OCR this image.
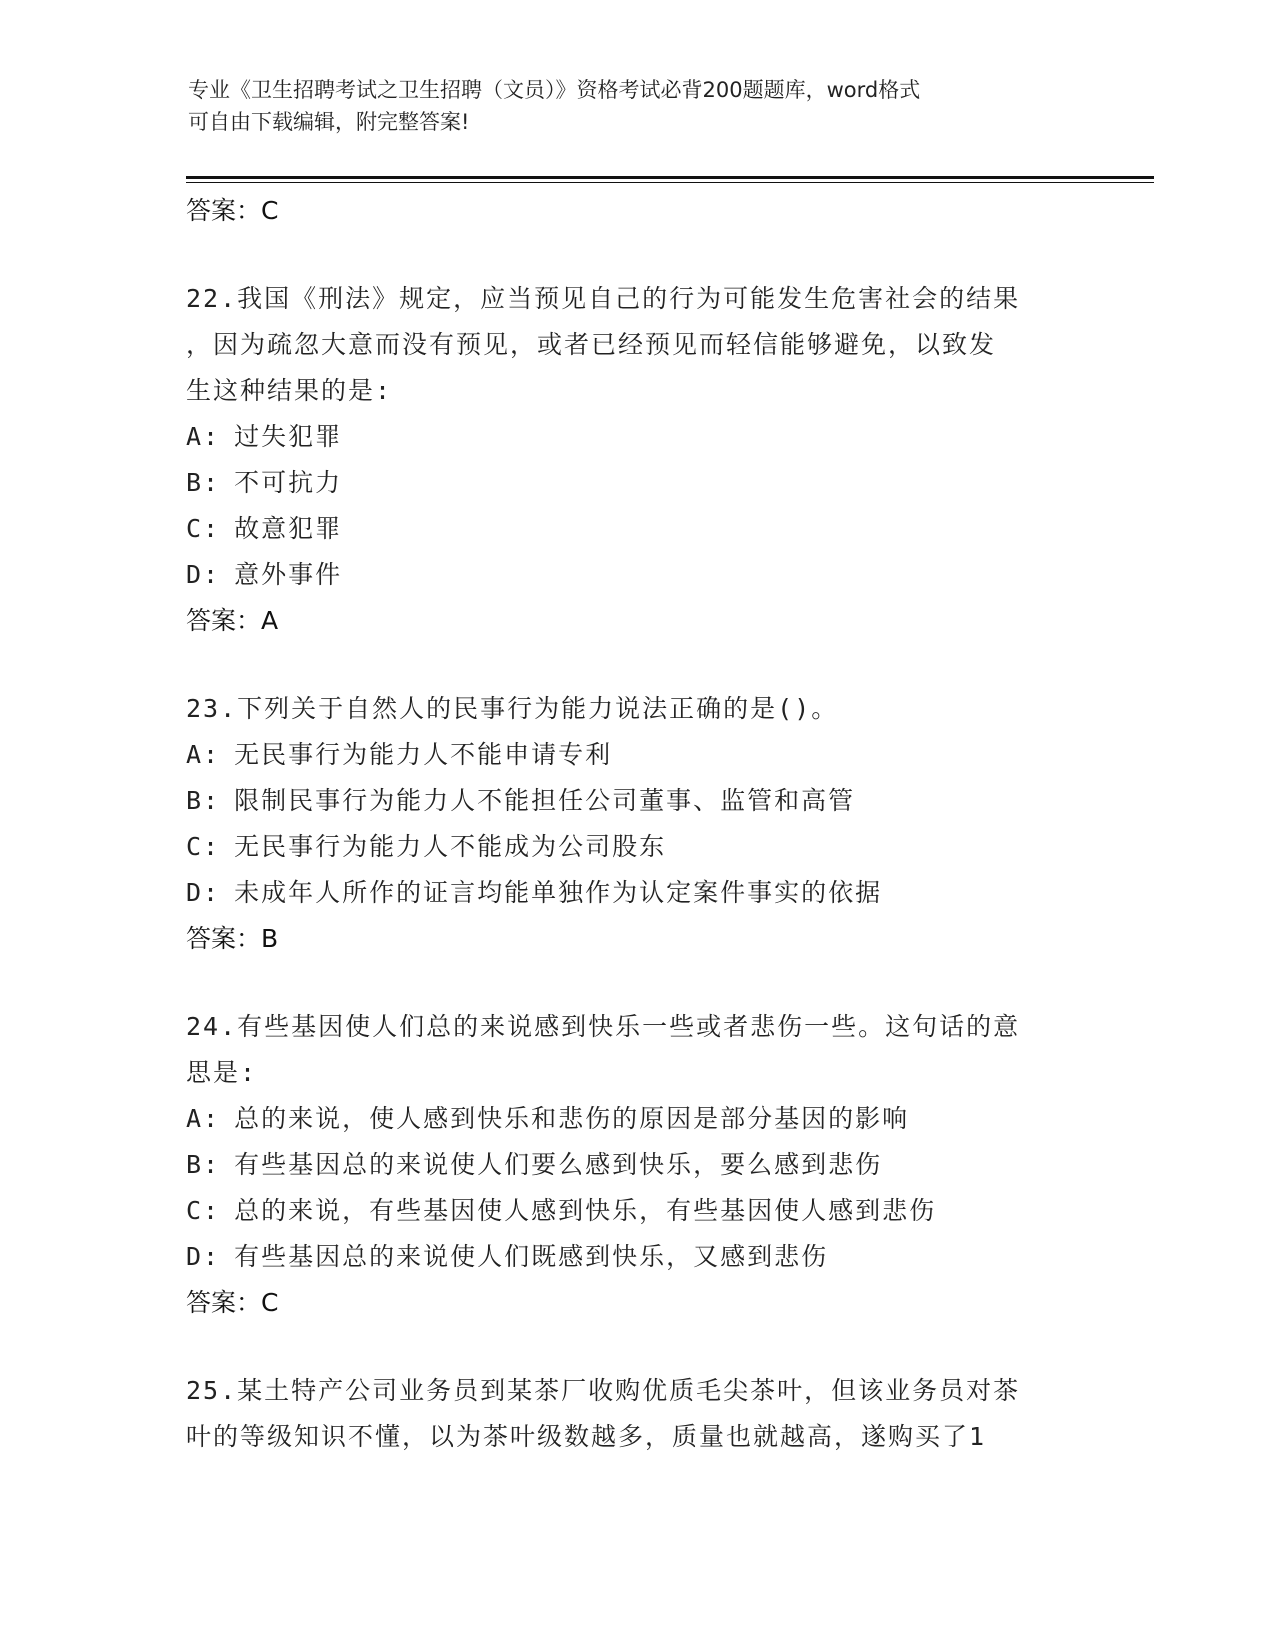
专业《卫生招聘考试之卫生招聘（文员）》资格考试必背200题题库，word格式
可自由下载编辑，附完整答案!
答案：C
22.我国《刑法》规定，应当预见自己的行为可能发生危害社会的结果
，因为疏忽大意而没有预见，或者已经预见而轻信能够避免，以致发
生这种结果的是:
A: 过失犯罪
B: 不可抗力
C: 故意犯罪
D: 意外事件
答案：A
23.下列关于自然人的民事行为能力说法正确的是()。
A: 无民事行为能力人不能申请专利
B: 限制民事行为能力人不能担任公司董事、监管和高管
C: 无民事行为能力人不能成为公司股东
D: 未成年人所作的证言均能单独作为认定案件事实的依据
答案：B
24.有些基因使人们总的来说感到快乐一些或者悲伤一些。这句话的意
思是:
A: 总的来说，使人感到快乐和悲伤的原因是部分基因的影响
B: 有些基因总的来说使人们要么感到快乐，要么感到悲伤
C: 总的来说，有些基因使人感到快乐，有些基因使人感到悲伤
D: 有些基因总的来说使人们既感到快乐，又感到悲伤
答案：C
25.某土特产公司业务员到某茶厂收购优质毛尖茶叶，但该业务员对茶
叶的等级知识不懂，以为茶叶级数越多，质量也就越高，遂购买了1
